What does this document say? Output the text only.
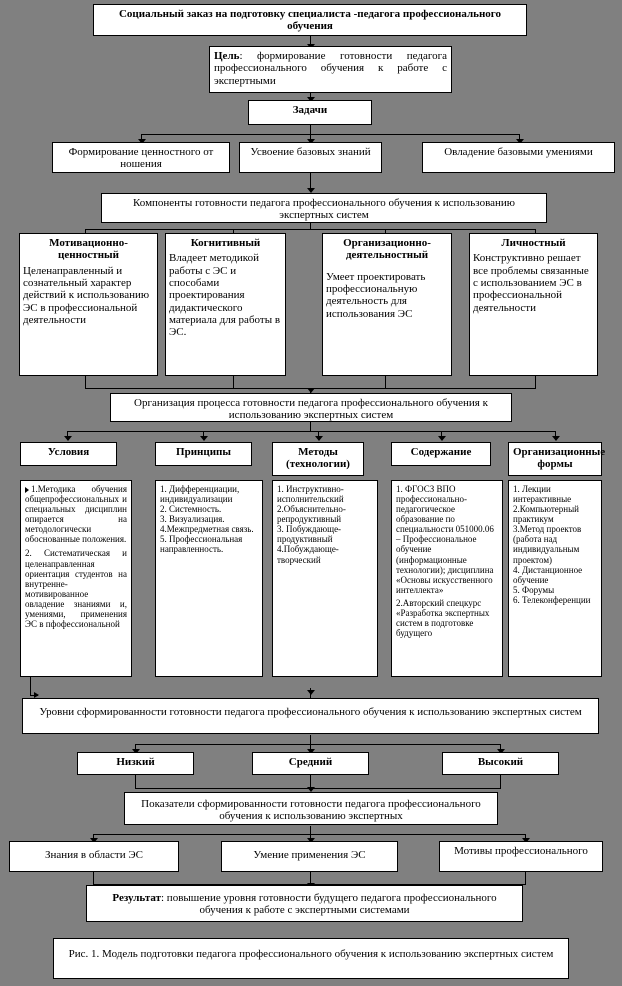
Социальный заказ на подготовку специалиста -педагога профессионального обучения
Цель: формирование готовности педагога профессионального обучения к работе с экспертными
Задачи
Формирование ценностного от ношения
Усвоение базовых знаний	Овладение базовыми умениями
Компоненты готовности педагога профессионального обучения к использованию экспертных систем
Мотивационно-ценностный
Целенаправленный и сознательный характер действий к использованию ЭС в профессиональной деятельности
Когнитивный
Владеет методикой работы с ЭС и способами проектирования дидактического материала для работы в ЭС.
Организационно-деятельностный
Умеет проектировать профессиональную деятельность для использования ЭС
Личностный
Конструктивно решает все проблемы связанные с использованием ЭС в профессиональной деятельности
Организация процесса готовности педагога профессионального обучения к использованию экспертных систем
Условия	Принципы	Методы (технологии)
Содержание	Организационные формы
1.Методика обучения общепрофессиональных и специальных дисциплин опирается на методологически обоснованные положения.
2. Систематическая и целенаправленная ориентация студентов на внутренне-мотивированное овладение знаниями и, умениями, применения ЭС в пфофессиональной
1. Дифференциации, индивидуализации
2. Системность.
3. Визуализация.
4.Межпредметная связь.
5. Профессиональная направленность.
1. Инструктивно-исполнительский
2.Объяснительно-репродуктивный
3. Побуждающе-продуктивный
4.Побуждающе-творческий
1. ФГОСЗ ВПО профессионально-педагогическое образование по специальности 051000.06 – Профессиональное обучение (информационные технологии); дисциплина «Основы искусственного интеллекта»
2.Авторский спецкурс «Разработка экспертных систем в подготовке будущего
1. Лекции интерактивные
2.Компьютерный практикум
3.Метод проектов (работа над индивидуальным проектом)
4. Дистанционное обучение
5. Форумы
6. Телеконференции
Уровни сформированности готовности педагога профессионального обучения к использованию экспертных систем
Низкий	Средний	Высокий
Показатели сформированности готовности педагога профессионального обучения к использованию экспертных
Знания в области ЭС	Умение применения ЭС	Мотивы профессионального
Результат: повышение уровня готовности будущего педагога профессионального обучения к работе с экспертными системами
Рис. 1. Модель подготовки педагога профессионального обучения к использованию экспертных систем
